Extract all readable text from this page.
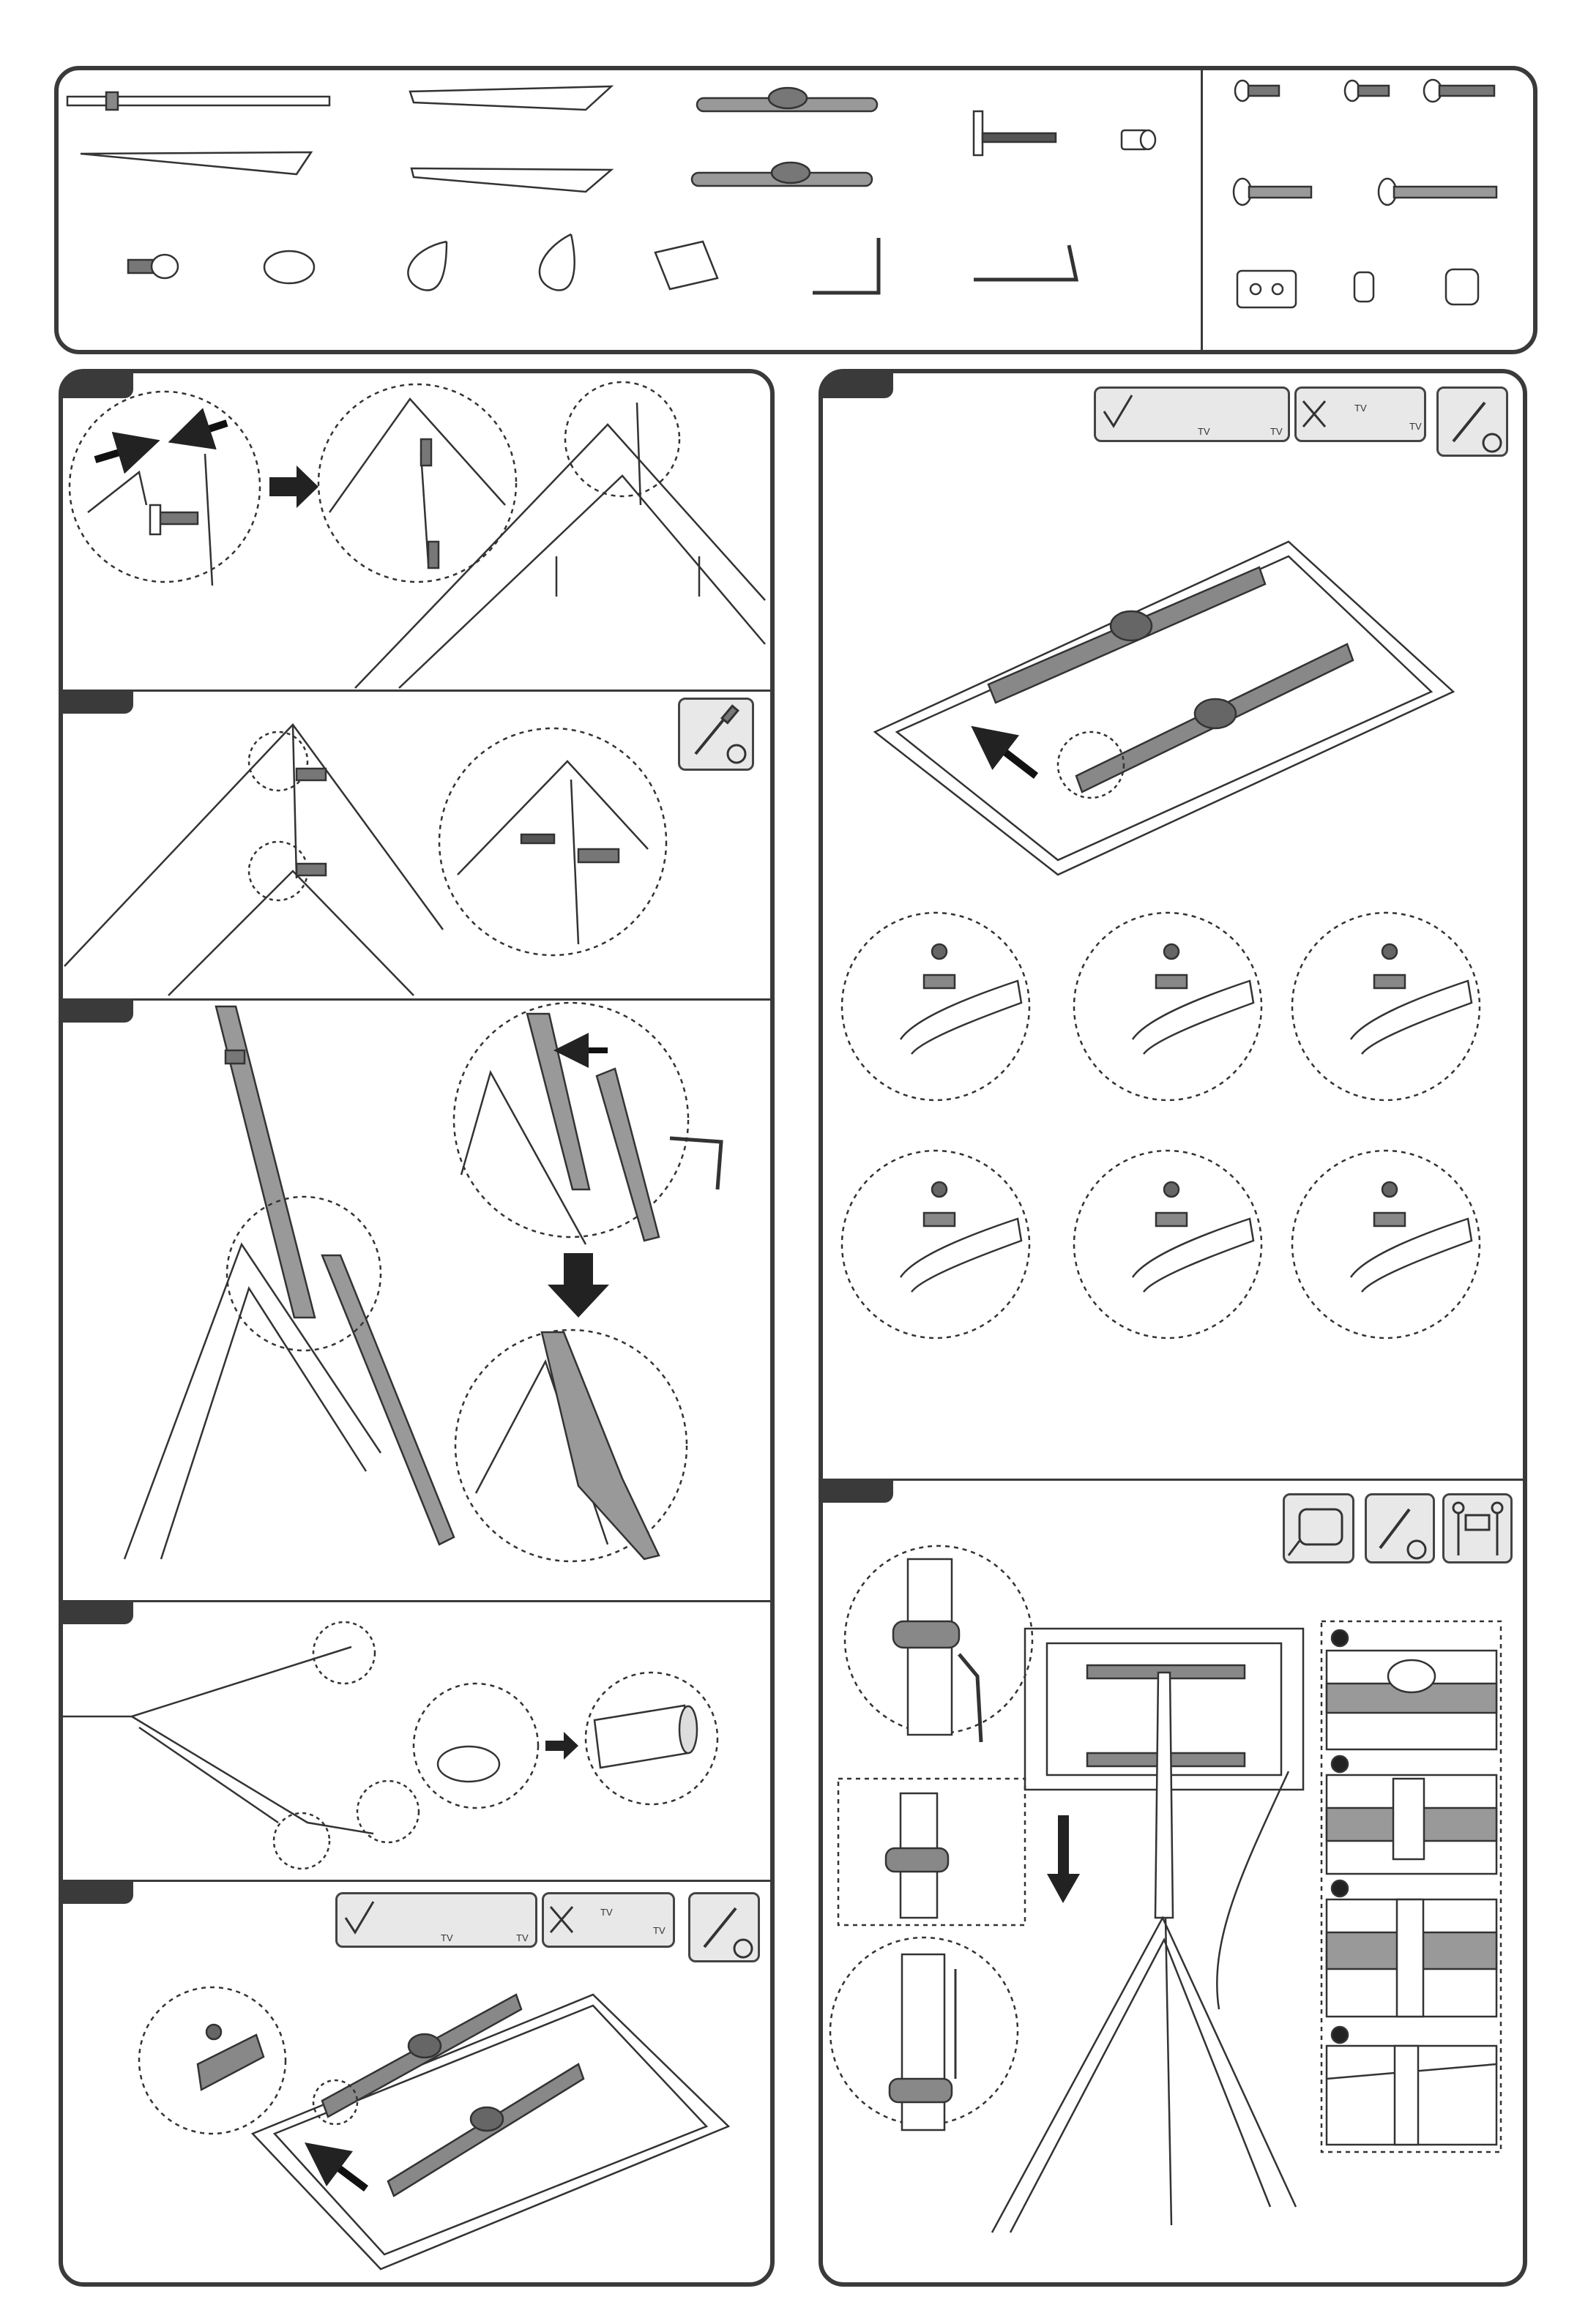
TV	TV
TV
TV
TV	TV
TV
TV
